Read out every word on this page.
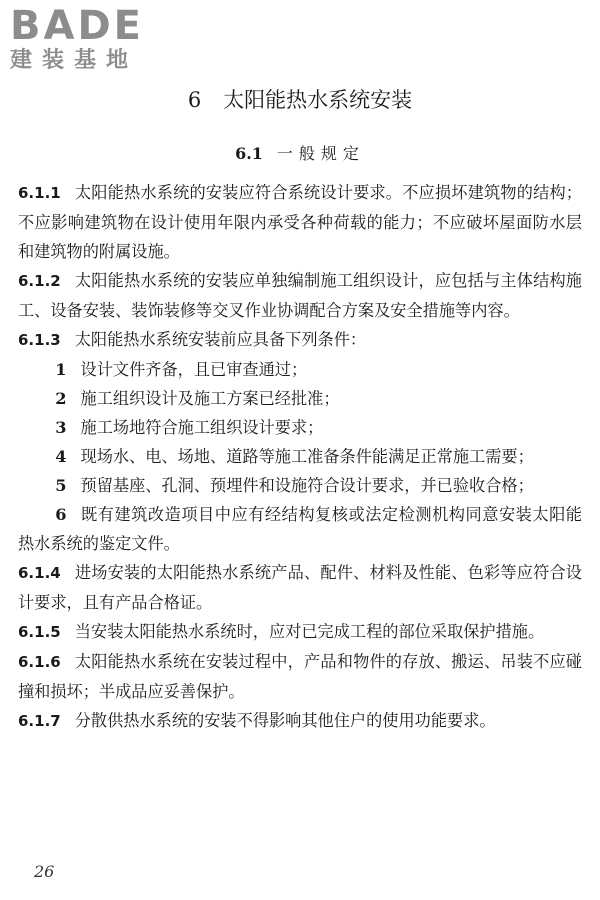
BADE
建装基地
6 太阳能热水系统安装
6.1 一般规定

6.1.1 太阳能热水系统的安装应符合系统设计要求。不应损坏建筑物的结构；不应影响建筑物在设计使用年限内承受各种荷载的能力；不应破坏屋面防水层和建筑物的附属设施。

6.1.2 太阳能热水系统的安装应单独编制施工组织设计，应包括与主体结构施工、设备安装、装饰装修等交叉作业协调配合方案及安全措施等内容。

6.1.3 太阳能热水系统安装前应具备下列条件：

1 设计文件齐备，且已审查通过；

2 施工组织设计及施工方案已经批准；

3 施工场地符合施工组织设计要求；

4 现场水、电、场地、道路等施工准备条件能满足正常施工需要；

5 预留基座、孔洞、预埋件和设施符合设计要求，并已验收合格；

6 既有建筑改造项目中应有经结构复核或法定检测机构同意安装太阳能热水系统的鉴定文件。

6.1.4 进场安装的太阳能热水系统产品、配件、材料及性能、色彩等应符合设计要求，且有产品合格证。

6.1.5 当安装太阳能热水系统时，应对已完成工程的部位采取保护措施。

6.1.6 太阳能热水系统在安装过程中，产品和物件的存放、搬运、吊装不应碰撞和损坏；半成品应妥善保护。

6.1.7 分散供热水系统的安装不得影响其他住户的使用功能要求。

26
